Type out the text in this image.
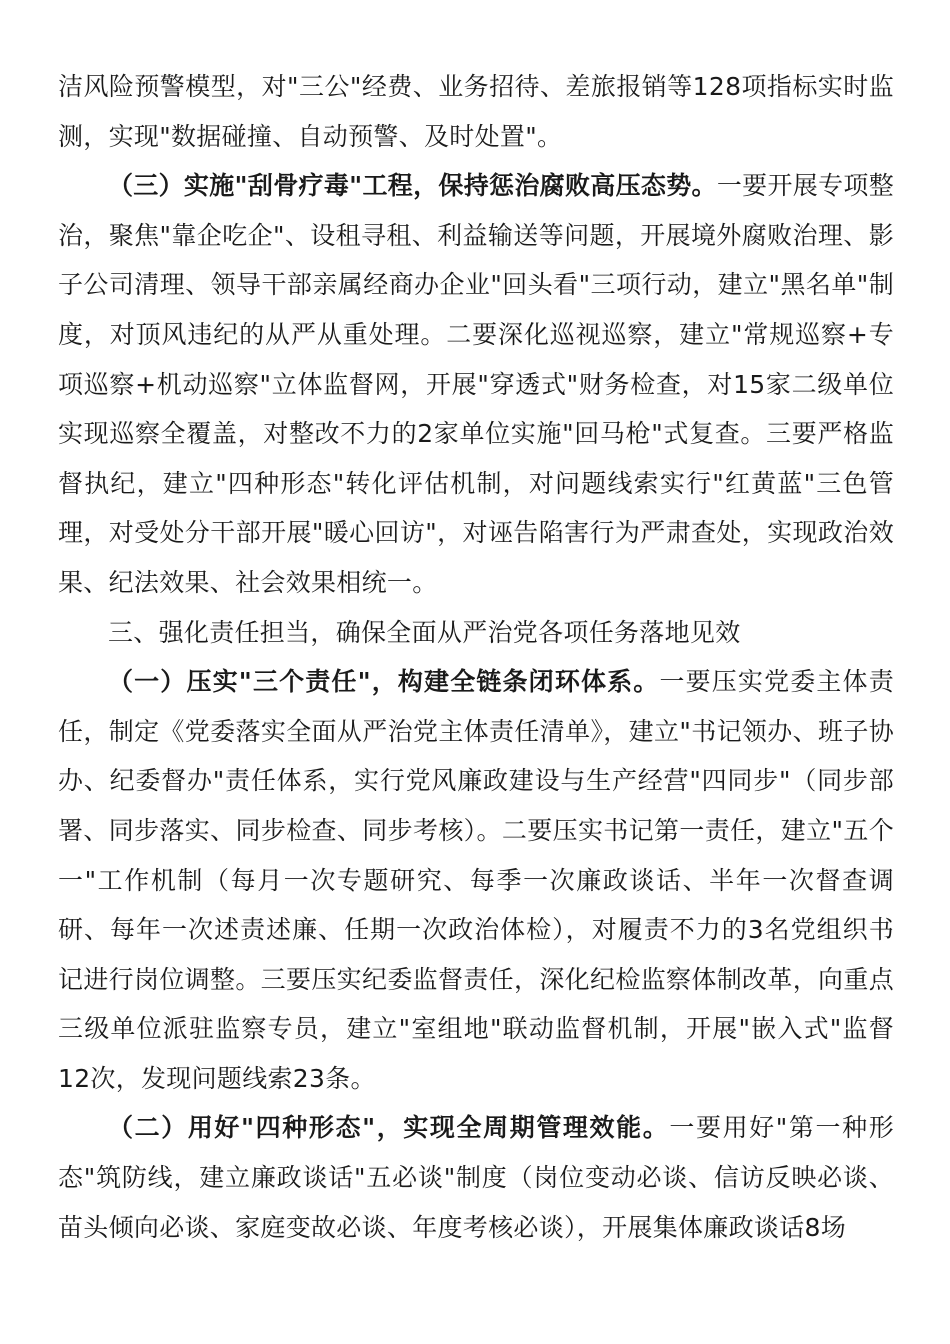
洁风险预警模型，对"三公"经费、业务招待、差旅报销等128项指标实时监测，实现"数据碰撞、自动预警、及时处置"。

（三）实施"刮骨疗毒"工程，保持惩治腐败高压态势。一要开展专项整治，聚焦"靠企吃企"、设租寻租、利益输送等问题，开展境外腐败治理、影子公司清理、领导干部亲属经商办企业"回头看"三项行动，建立"黑名单"制度，对顶风违纪的从严从重处理。二要深化巡视巡察，建立"常规巡察+专项巡察+机动巡察"立体监督网，开展"穿透式"财务检查，对15家二级单位实现巡察全覆盖，对整改不力的2家单位实施"回马枪"式复查。三要严格监督执纪，建立"四种形态"转化评估机制，对问题线索实行"红黄蓝"三色管理，对受处分干部开展"暖心回访"，对诬告陷害行为严肃查处，实现政治效果、纪法效果、社会效果相统一。

三、强化责任担当，确保全面从严治党各项任务落地见效

（一）压实"三个责任"，构建全链条闭环体系。一要压实党委主体责任，制定《党委落实全面从严治党主体责任清单》，建立"书记领办、班子协办、纪委督办"责任体系，实行党风廉政建设与生产经营"四同步"（同步部署、同步落实、同步检查、同步考核）。二要压实书记第一责任，建立"五个一"工作机制（每月一次专题研究、每季一次廉政谈话、半年一次督查调研、每年一次述责述廉、任期一次政治体检），对履责不力的3名党组织书记进行岗位调整。三要压实纪委监督责任，深化纪检监察体制改革，向重点三级单位派驻监察专员，建立"室组地"联动监督机制，开展"嵌入式"监督12次，发现问题线索23条。

（二）用好"四种形态"，实现全周期管理效能。一要用好"第一种形态"筑防线，建立廉政谈话"五必谈"制度（岗位变动必谈、信访反映必谈、苗头倾向必谈、家庭变故必谈、年度考核必谈），开展集体廉政谈话8场
